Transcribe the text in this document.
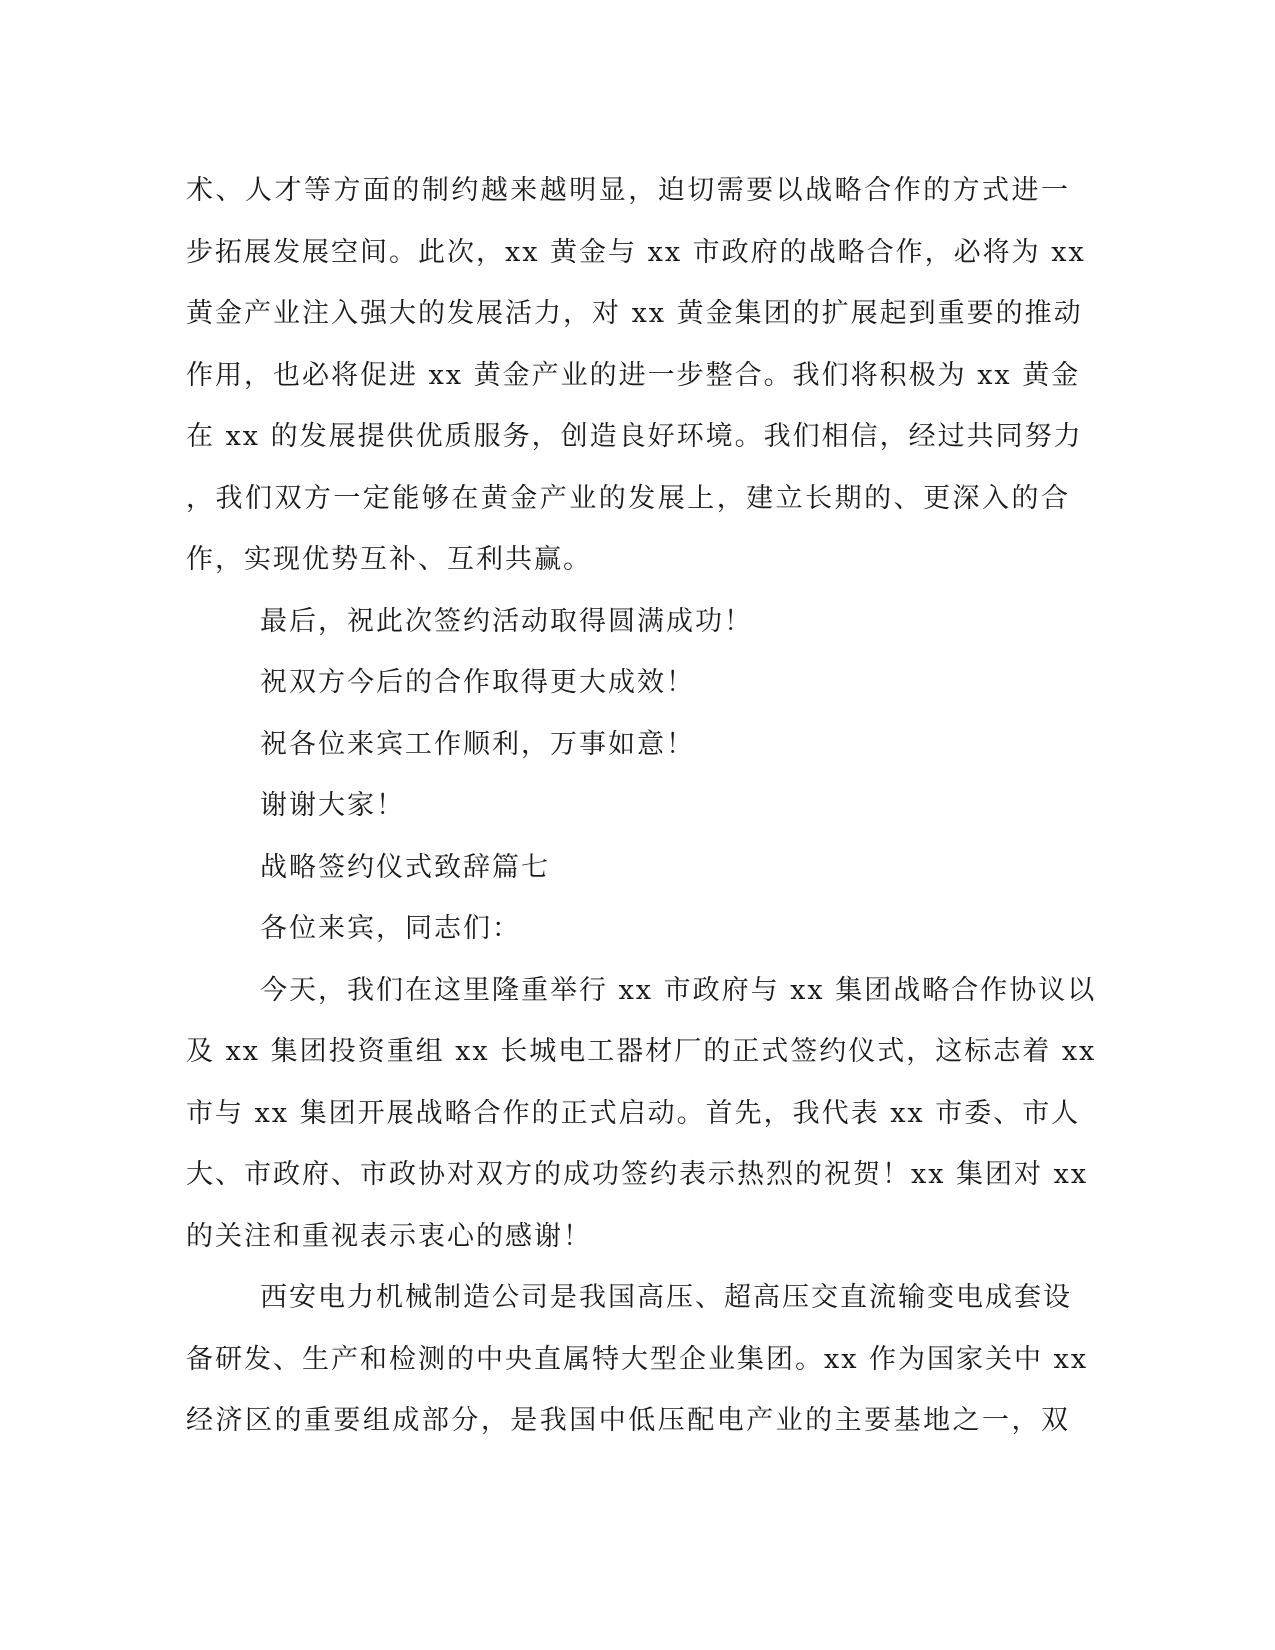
术、人才等方面的制约越来越明显，迫切需要以战略合作的方式进一
步拓展发展空间。此次，xx 黄金与 xx 市政府的战略合作，必将为 xx
黄金产业注入强大的发展活力，对 xx 黄金集团的扩展起到重要的推动
作用，也必将促进 xx 黄金产业的进一步整合。我们将积极为 xx 黄金
在 xx 的发展提供优质服务，创造良好环境。我们相信，经过共同努力
，我们双方一定能够在黄金产业的发展上，建立长期的、更深入的合
作，实现优势互补、互利共赢。
最后，祝此次签约活动取得圆满成功！
祝双方今后的合作取得更大成效！
祝各位来宾工作顺利，万事如意！
谢谢大家！
战略签约仪式致辞篇七
各位来宾，同志们：
今天，我们在这里隆重举行 xx 市政府与 xx 集团战略合作协议以
及 xx 集团投资重组 xx 长城电工器材厂的正式签约仪式，这标志着 xx
市与 xx 集团开展战略合作的正式启动。首先，我代表 xx 市委、市人
大、市政府、市政协对双方的成功签约表示热烈的祝贺！xx 集团对 xx
的关注和重视表示衷心的感谢！
西安电力机械制造公司是我国高压、超高压交直流输变电成套设
备研发、生产和检测的中央直属特大型企业集团。xx 作为国家关中 xx
经济区的重要组成部分，是我国中低压配电产业的主要基地之一，双
